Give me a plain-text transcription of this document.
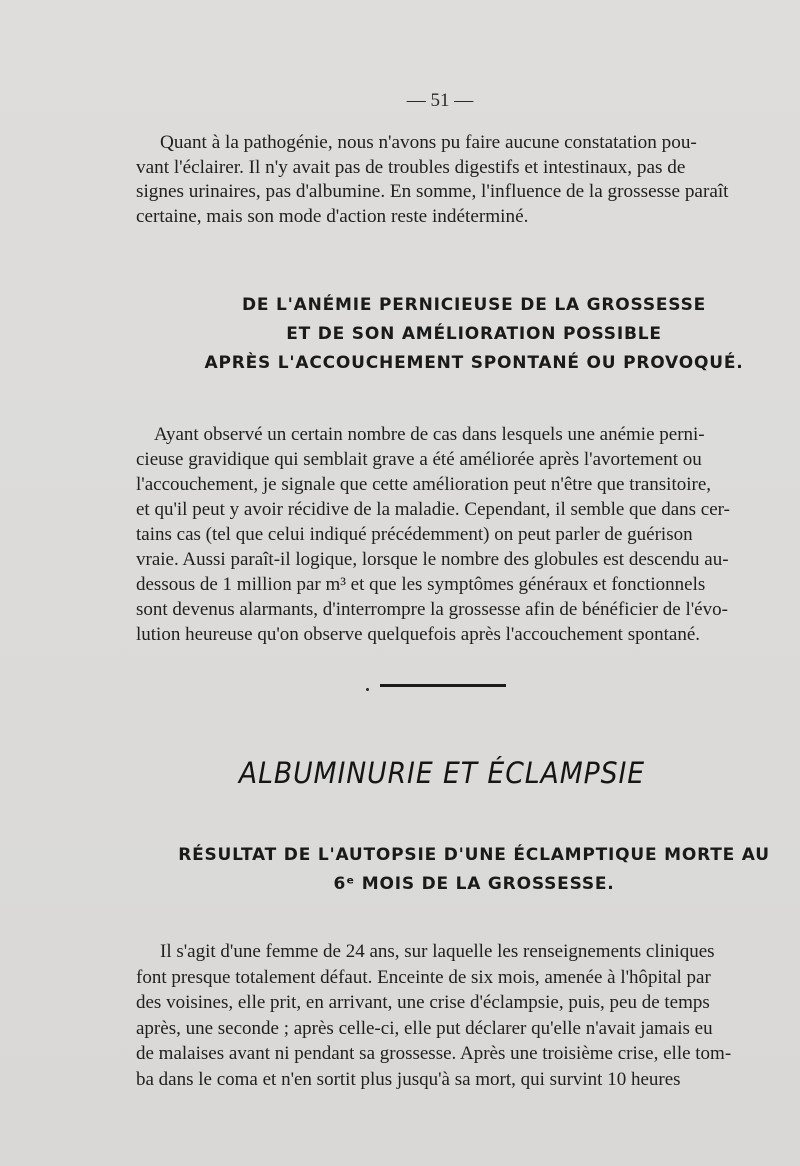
— 51 —

Quant à la pathogénie, nous n'avons pu faire aucune constatation pou-

vant l'éclairer. Il n'y avait pas de troubles digestifs et intestinaux, pas de

signes urinaires, pas d'albumine. En somme, l'influence de la grossesse paraît

certaine, mais son mode d'action reste indéterminé.

DE L'ANÉMIE PERNICIEUSE DE LA GROSSESSE
ET DE SON AMÉLIORATION POSSIBLE
APRÈS L'ACCOUCHEMENT SPONTANÉ OU PROVOQUÉ.

Ayant observé un certain nombre de cas dans lesquels une anémie perni-

cieuse gravidique qui semblait grave a été améliorée après l'avortement ou

l'accouchement, je signale que cette amélioration peut n'être que transitoire,

et qu'il peut y avoir récidive de la maladie. Cependant, il semble que dans cer-

tains cas (tel que celui indiqué précédemment) on peut parler de guérison

vraie. Aussi paraît-il logique, lorsque le nombre des globules est descendu au-

dessous de 1 million par m³ et que les symptômes généraux et fonctionnels

sont devenus alarmants, d'interrompre la grossesse afin de bénéficier de l'évo-

lution heureuse qu'on observe quelquefois après l'accouchement spontané.

ALBUMINURIE ET ÉCLAMPSIE
RÉSULTAT DE L'AUTOPSIE D'UNE ÉCLAMPTIQUE MORTE AU
6ᵉ MOIS DE LA GROSSESSE.

Il s'agit d'une femme de 24 ans, sur laquelle les renseignements cliniques

font presque totalement défaut. Enceinte de six mois, amenée à l'hôpital par

des voisines, elle prit, en arrivant, une crise d'éclampsie, puis, peu de temps

après, une seconde ; après celle-ci, elle put déclarer qu'elle n'avait jamais eu

de malaises avant ni pendant sa grossesse. Après une troisième crise, elle tom-

ba dans le coma et n'en sortit plus jusqu'à sa mort, qui survint 10 heures
